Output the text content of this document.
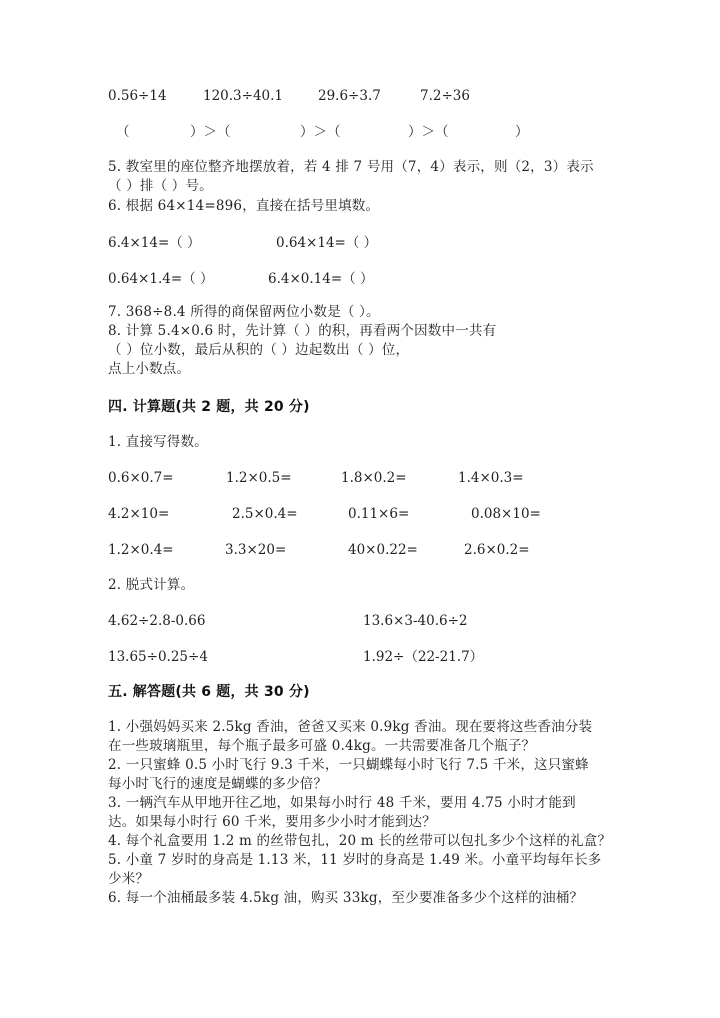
0.56÷14	120.3÷40.1	29.6÷3.7	7.2÷36
（	）＞（	）＞（	）＞（	）
5. 教室里的座位整齐地摆放着，若 4 排 7 号用（7，4）表示，则（2，3）表示
（ ）排（ ）号。
6. 根据 64×14=896，直接在括号里填数。
6.4×14=（ ）	0.64×14=（ ）
0.64×1.4=（ ）	6.4×0.14=（ ）
7. 368÷8.4 所得的商保留两位小数是（ ）。
8. 计算 5.4×0.6 时，先计算（ ）的积，再看两个因数中一共有
（ ）位小数，最后从积的（ ）边起数出（ ）位，
点上小数点。
四. 计算题(共 2 题，共 20 分)
1. 直接写得数。
0.6×0.7=	1.2×0.5=	1.8×0.2=	1.4×0.3=
4.2×10=	2.5×0.4=	0.11×6=	0.08×10=
1.2×0.4=	3.3×20=	40×0.22=	2.6×0.2=
2. 脱式计算。
4.62÷2.8-0.66	13.6×3-40.6÷2
13.65÷0.25÷4	1.92÷（22-21.7）
五. 解答题(共 6 题，共 30 分)
1. 小强妈妈买来 2.5kg 香油，爸爸又买来 0.9kg 香油。现在要将这些香油分装
在一些玻璃瓶里，每个瓶子最多可盛 0.4kg。一共需要准备几个瓶子？
2. 一只蜜蜂 0.5 小时飞行 9.3 千米，一只蝴蝶每小时飞行 7.5 千米，这只蜜蜂
每小时飞行的速度是蝴蝶的多少倍？
3. 一辆汽车从甲地开往乙地，如果每小时行 48 千米，要用 4.75 小时才能到
达。如果每小时行 60 千米，要用多少小时才能到达？
4. 每个礼盒要用 1.2 m 的丝带包扎，20 m 长的丝带可以包扎多少个这样的礼盒？
5. 小童 7 岁时的身高是 1.13 米，11 岁时的身高是 1.49 米。小童平均每年长多
少米？
6. 每一个油桶最多装 4.5kg 油，购买 33kg，至少要准备多少个这样的油桶？
